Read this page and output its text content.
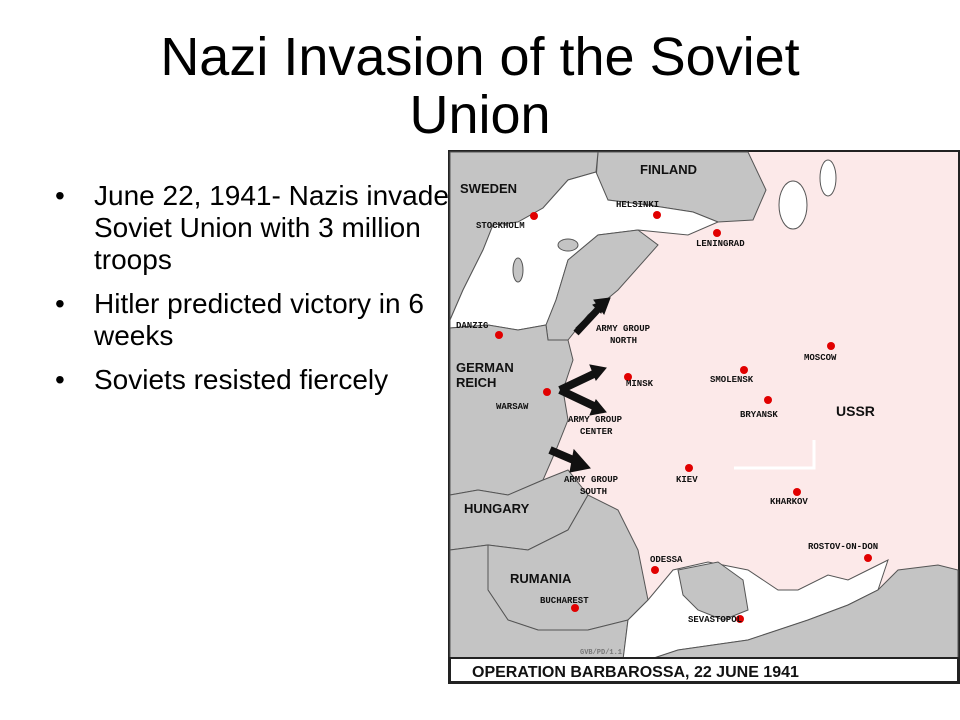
Nazi Invasion of the Soviet
Union
• June 22, 1941- Nazis invade Soviet Union with 3 million troops
• Hitler predicted victory in 6 weeks
• Soviets resisted fiercely
FINLAND
SWEDEN
GERMAN
REICH
HUNGARY
RUMANIA
USSR
HELSINKI
STOCKHOLM
LENINGRAD
DANZIG
WARSAW
MINSK	SMOLENSK
MOSCOW
BRYANSK
KIEV
KHARKOV
ODESSA
BUCHAREST
SEVASTOPOL
ROSTOV-ON-DON
ARMY GROUP
NORTH
ARMY GROUP
CENTER
ARMY GROUP
SOUTH
GVB/PD/1.1
OPERATION BARBAROSSA, 22 JUNE 1941
